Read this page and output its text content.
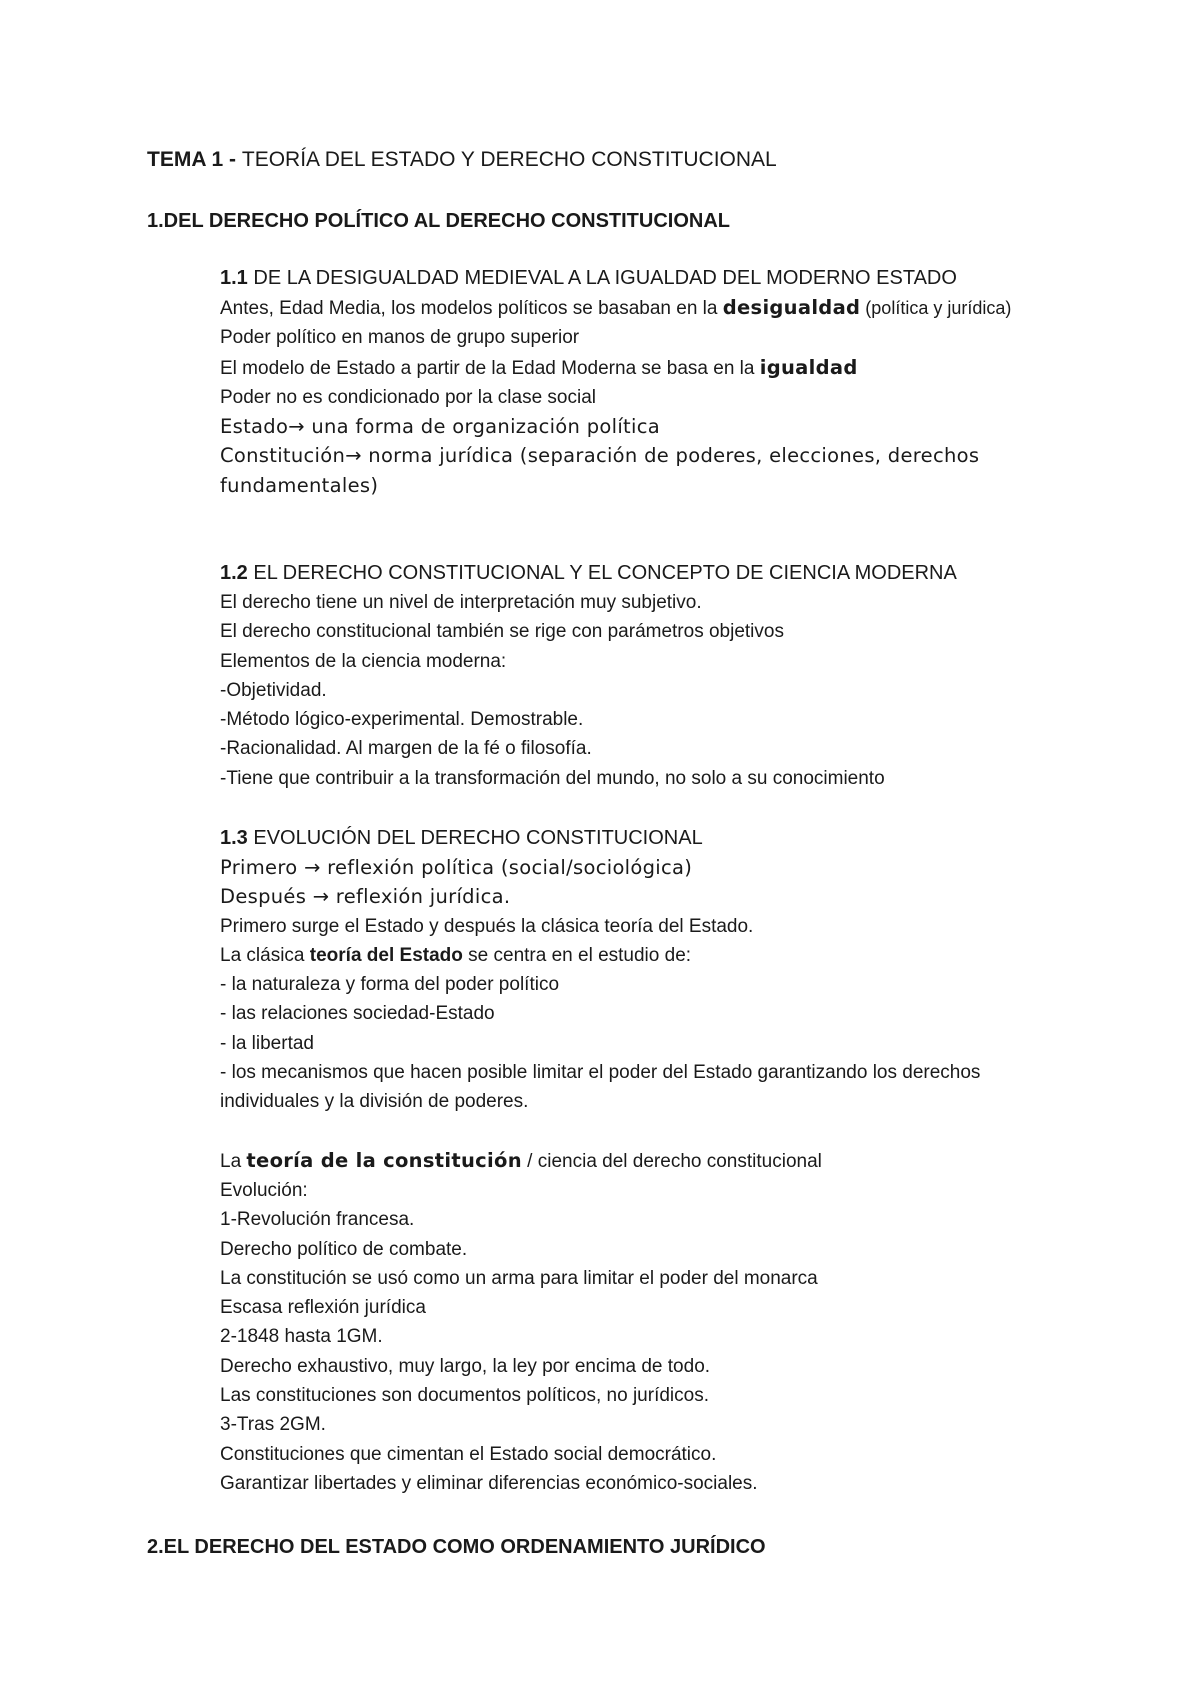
TEMA 1 - TEORÍA DEL ESTADO Y DERECHO CONSTITUCIONAL
1.DEL DERECHO POLÍTICO AL DERECHO CONSTITUCIONAL
1.1 DE LA DESIGUALDAD MEDIEVAL A LA IGUALDAD DEL MODERNO ESTADO
Antes, Edad Media, los modelos políticos se basaban en la desigualdad (política y jurídica)
Poder político en manos de grupo superior
El modelo de Estado a partir de la Edad Moderna se basa en la igualdad
Poder no es condicionado por la clase social
Estado→ una forma de organización política
Constitución→ norma jurídica (separación de poderes, elecciones, derechos fundamentales)
1.2 EL DERECHO CONSTITUCIONAL Y EL CONCEPTO DE CIENCIA MODERNA
El derecho tiene un nivel de interpretación muy subjetivo.
El derecho constitucional también se rige con parámetros objetivos
Elementos de la ciencia moderna:
-Objetividad.
-Método lógico-experimental. Demostrable.
-Racionalidad. Al margen de la fé o filosofía.
-Tiene que contribuir a la transformación del mundo, no solo a su conocimiento
1.3 EVOLUCIÓN DEL DERECHO CONSTITUCIONAL
Primero → reflexión política (social/sociológica)
Después → reflexión jurídica.
Primero surge el Estado y después la clásica teoría del Estado.
La clásica teoría del Estado se centra en el estudio de:
- la naturaleza y forma del poder político
- las relaciones sociedad-Estado
- la libertad
- los mecanismos que hacen posible limitar el poder del Estado garantizando los derechos individuales y la división de poderes.
La teoría de la constitución / ciencia del derecho constitucional
Evolución:
1-Revolución francesa.
Derecho político de combate.
La constitución se usó como un arma para limitar el poder del monarca
Escasa reflexión jurídica
2-1848 hasta 1GM.
Derecho exhaustivo, muy largo, la ley por encima de todo.
Las constituciones son documentos políticos, no jurídicos.
3-Tras 2GM.
Constituciones que cimentan el Estado social democrático.
Garantizar libertades y eliminar diferencias económico-sociales.
2.EL DERECHO DEL ESTADO COMO ORDENAMIENTO JURÍDICO
